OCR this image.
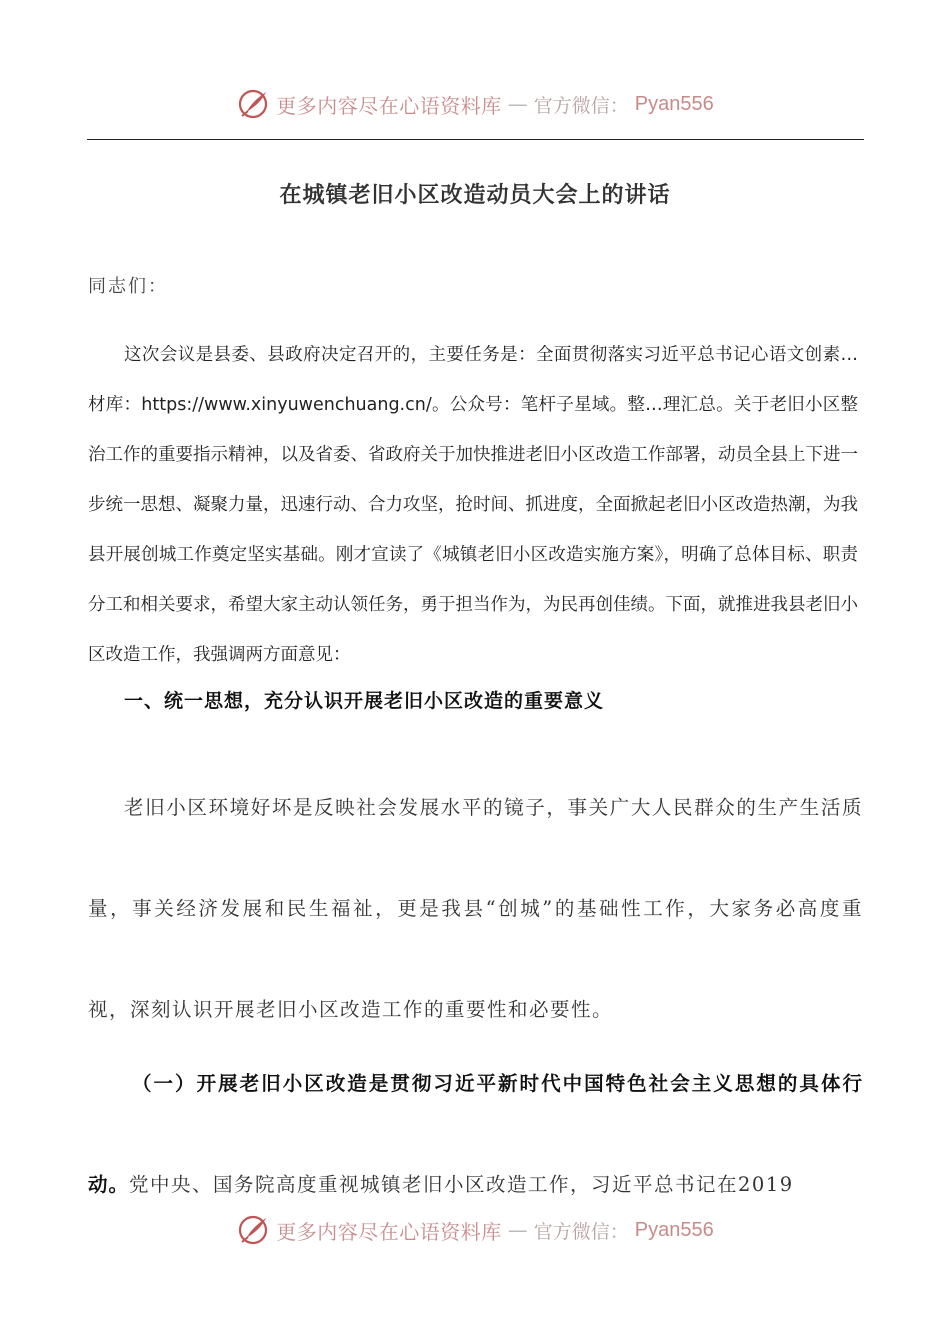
更多内容尽在心语资料库 — 官方微信： Pyan556
在城镇老旧小区改造动员大会上的讲话
同志们：

这次会议是县委、县政府决定召开的，主要任务是：全面贯彻落实习近平总书记心语文创素…材库：https://www.xinyuwenchuang.cn/。公众号：笔杆子星域。整…理汇总。关于老旧小区整治工作的重要指示精神，以及省委、省政府关于加快推进老旧小区改造工作部署，动员全县上下进一步统一思想、凝聚力量，迅速行动、合力攻坚，抢时间、抓进度，全面掀起老旧小区改造热潮，为我县开展创城工作奠定坚实基础。刚才宣读了《城镇老旧小区改造实施方案》，明确了总体目标、职责分工和相关要求，希望大家主动认领任务，勇于担当作为，为民再创佳绩。下面，就推进我县老旧小区改造工作，我强调两方面意见：

一、统一思想，充分认识开展老旧小区改造的重要意义

老旧小区环境好坏是反映社会发展水平的镜子，事关广大人民群众的生产生活质量，事关经济发展和民生福祉，更是我县“创城”的基础性工作，大家务必高度重视，深刻认识开展老旧小区改造工作的重要性和必要性。

（一）开展老旧小区改造是贯彻习近平新时代中国特色社会主义思想的具体行动。党中央、国务院高度重视城镇老旧小区改造工作，习近平总书记在2019

更多内容尽在心语资料库 — 官方微信： Pyan556
